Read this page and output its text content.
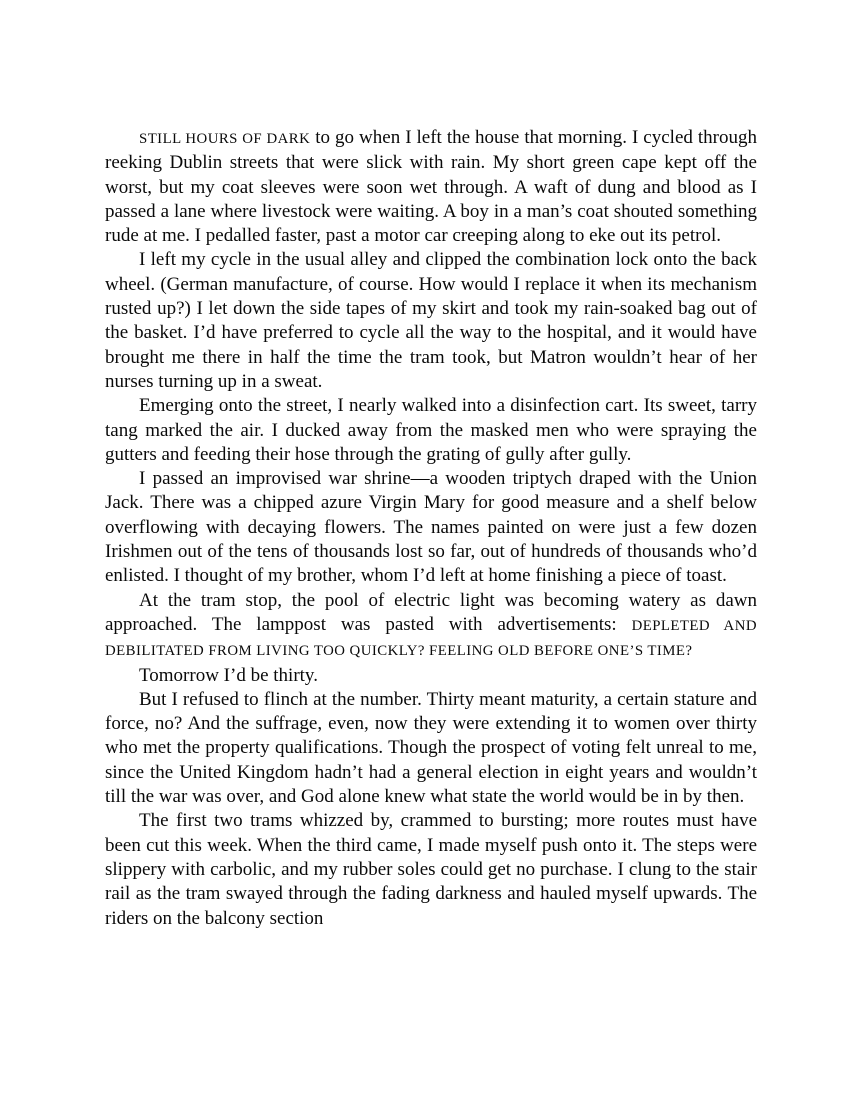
STILL HOURS OF DARK to go when I left the house that morning. I cycled through reeking Dublin streets that were slick with rain. My short green cape kept off the worst, but my coat sleeves were soon wet through. A waft of dung and blood as I passed a lane where livestock were waiting. A boy in a man’s coat shouted something rude at me. I pedalled faster, past a motor car creeping along to eke out its petrol.

I left my cycle in the usual alley and clipped the combination lock onto the back wheel. (German manufacture, of course. How would I replace it when its mechanism rusted up?) I let down the side tapes of my skirt and took my rain-soaked bag out of the basket. I’d have preferred to cycle all the way to the hospital, and it would have brought me there in half the time the tram took, but Matron wouldn’t hear of her nurses turning up in a sweat.

Emerging onto the street, I nearly walked into a disinfection cart. Its sweet, tarry tang marked the air. I ducked away from the masked men who were spraying the gutters and feeding their hose through the grating of gully after gully.

I passed an improvised war shrine—a wooden triptych draped with the Union Jack. There was a chipped azure Virgin Mary for good measure and a shelf below overflowing with decaying flowers. The names painted on were just a few dozen Irishmen out of the tens of thousands lost so far, out of hundreds of thousands who’d enlisted. I thought of my brother, whom I’d left at home finishing a piece of toast.

At the tram stop, the pool of electric light was becoming watery as dawn approached. The lamppost was pasted with advertisements: DEPLETED AND DEBILITATED FROM LIVING TOO QUICKLY? FEELING OLD BEFORE ONE’S TIME?

Tomorrow I’d be thirty.

But I refused to flinch at the number. Thirty meant maturity, a certain stature and force, no? And the suffrage, even, now they were extending it to women over thirty who met the property qualifications. Though the prospect of voting felt unreal to me, since the United Kingdom hadn’t had a general election in eight years and wouldn’t till the war was over, and God alone knew what state the world would be in by then.

The first two trams whizzed by, crammed to bursting; more routes must have been cut this week. When the third came, I made myself push onto it. The steps were slippery with carbolic, and my rubber soles could get no purchase. I clung to the stair rail as the tram swayed through the fading darkness and hauled myself upwards. The riders on the balcony section
